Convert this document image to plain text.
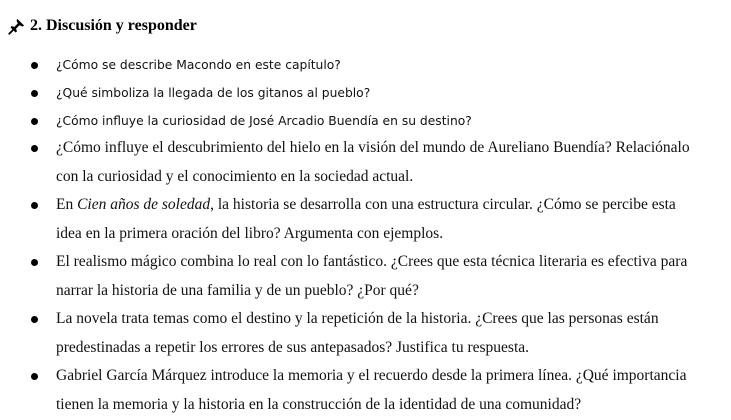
2. Discusión y responder
¿Cómo se describe Macondo en este capítulo?
¿Qué simboliza la llegada de los gitanos al pueblo?
¿Cómo influye la curiosidad de José Arcadio Buendía en su destino?
¿Cómo influye el descubrimiento del hielo en la visión del mundo de Aureliano Buendía? Relaciónalo
con la curiosidad y el conocimiento en la sociedad actual.
En Cien años de soledad, la historia se desarrolla con una estructura circular. ¿Cómo se percibe esta
idea en la primera oración del libro? Argumenta con ejemplos.
El realismo mágico combina lo real con lo fantástico. ¿Crees que esta técnica literaria es efectiva para
narrar la historia de una familia y de un pueblo? ¿Por qué?
La novela trata temas como el destino y la repetición de la historia. ¿Crees que las personas están
predestinadas a repetir los errores de sus antepasados? Justifica tu respuesta.
Gabriel García Márquez introduce la memoria y el recuerdo desde la primera línea. ¿Qué importancia
tienen la memoria y la historia en la construcción de la identidad de una comunidad?
